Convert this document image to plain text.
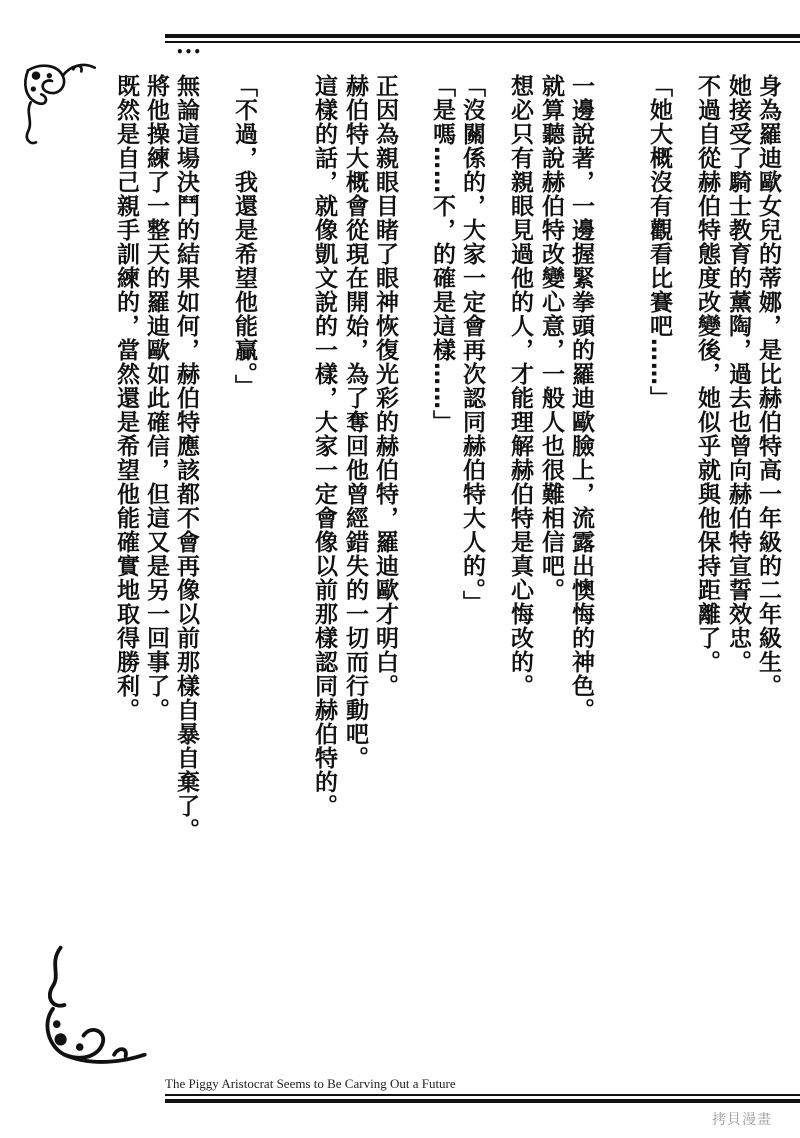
•••
身為羅迪歐女兒的蒂娜，是比赫伯特高一年級的二年級生。
她接受了騎士教育的薰陶，過去也曾向赫伯特宣誓效忠。
不過自從赫伯特態度改變後，她似乎就與他保持距離了。
「她大概沒有觀看比賽吧……」
一邊說著，一邊握緊拳頭的羅迪歐臉上，流露出懊悔的神色。
就算聽說赫伯特改變心意，一般人也很難相信吧。
想必只有親眼見過他的人，才能理解赫伯特是真心悔改的。
「沒關係的，大家一定會再次認同赫伯特大人的。」
「是嗎……不，的確是這樣……」
正因為親眼目睹了眼神恢復光彩的赫伯特，羅迪歐才明白。
赫伯特大概會從現在開始，為了奪回他曾經錯失的一切而行動吧。
這樣的話，就像凱文說的一樣，大家一定會像以前那樣認同赫伯特的。
「不過，我還是希望他能贏。」
無論這場決鬥的結果如何，赫伯特應該都不會再像以前那樣自暴自棄了。
將他操練了一整天的羅迪歐如此確信，但這又是另一回事了。
既然是自己親手訓練的，當然還是希望他能確實地取得勝利。
The Piggy Aristocrat Seems to Be Carving Out a Future
拷貝漫畫
